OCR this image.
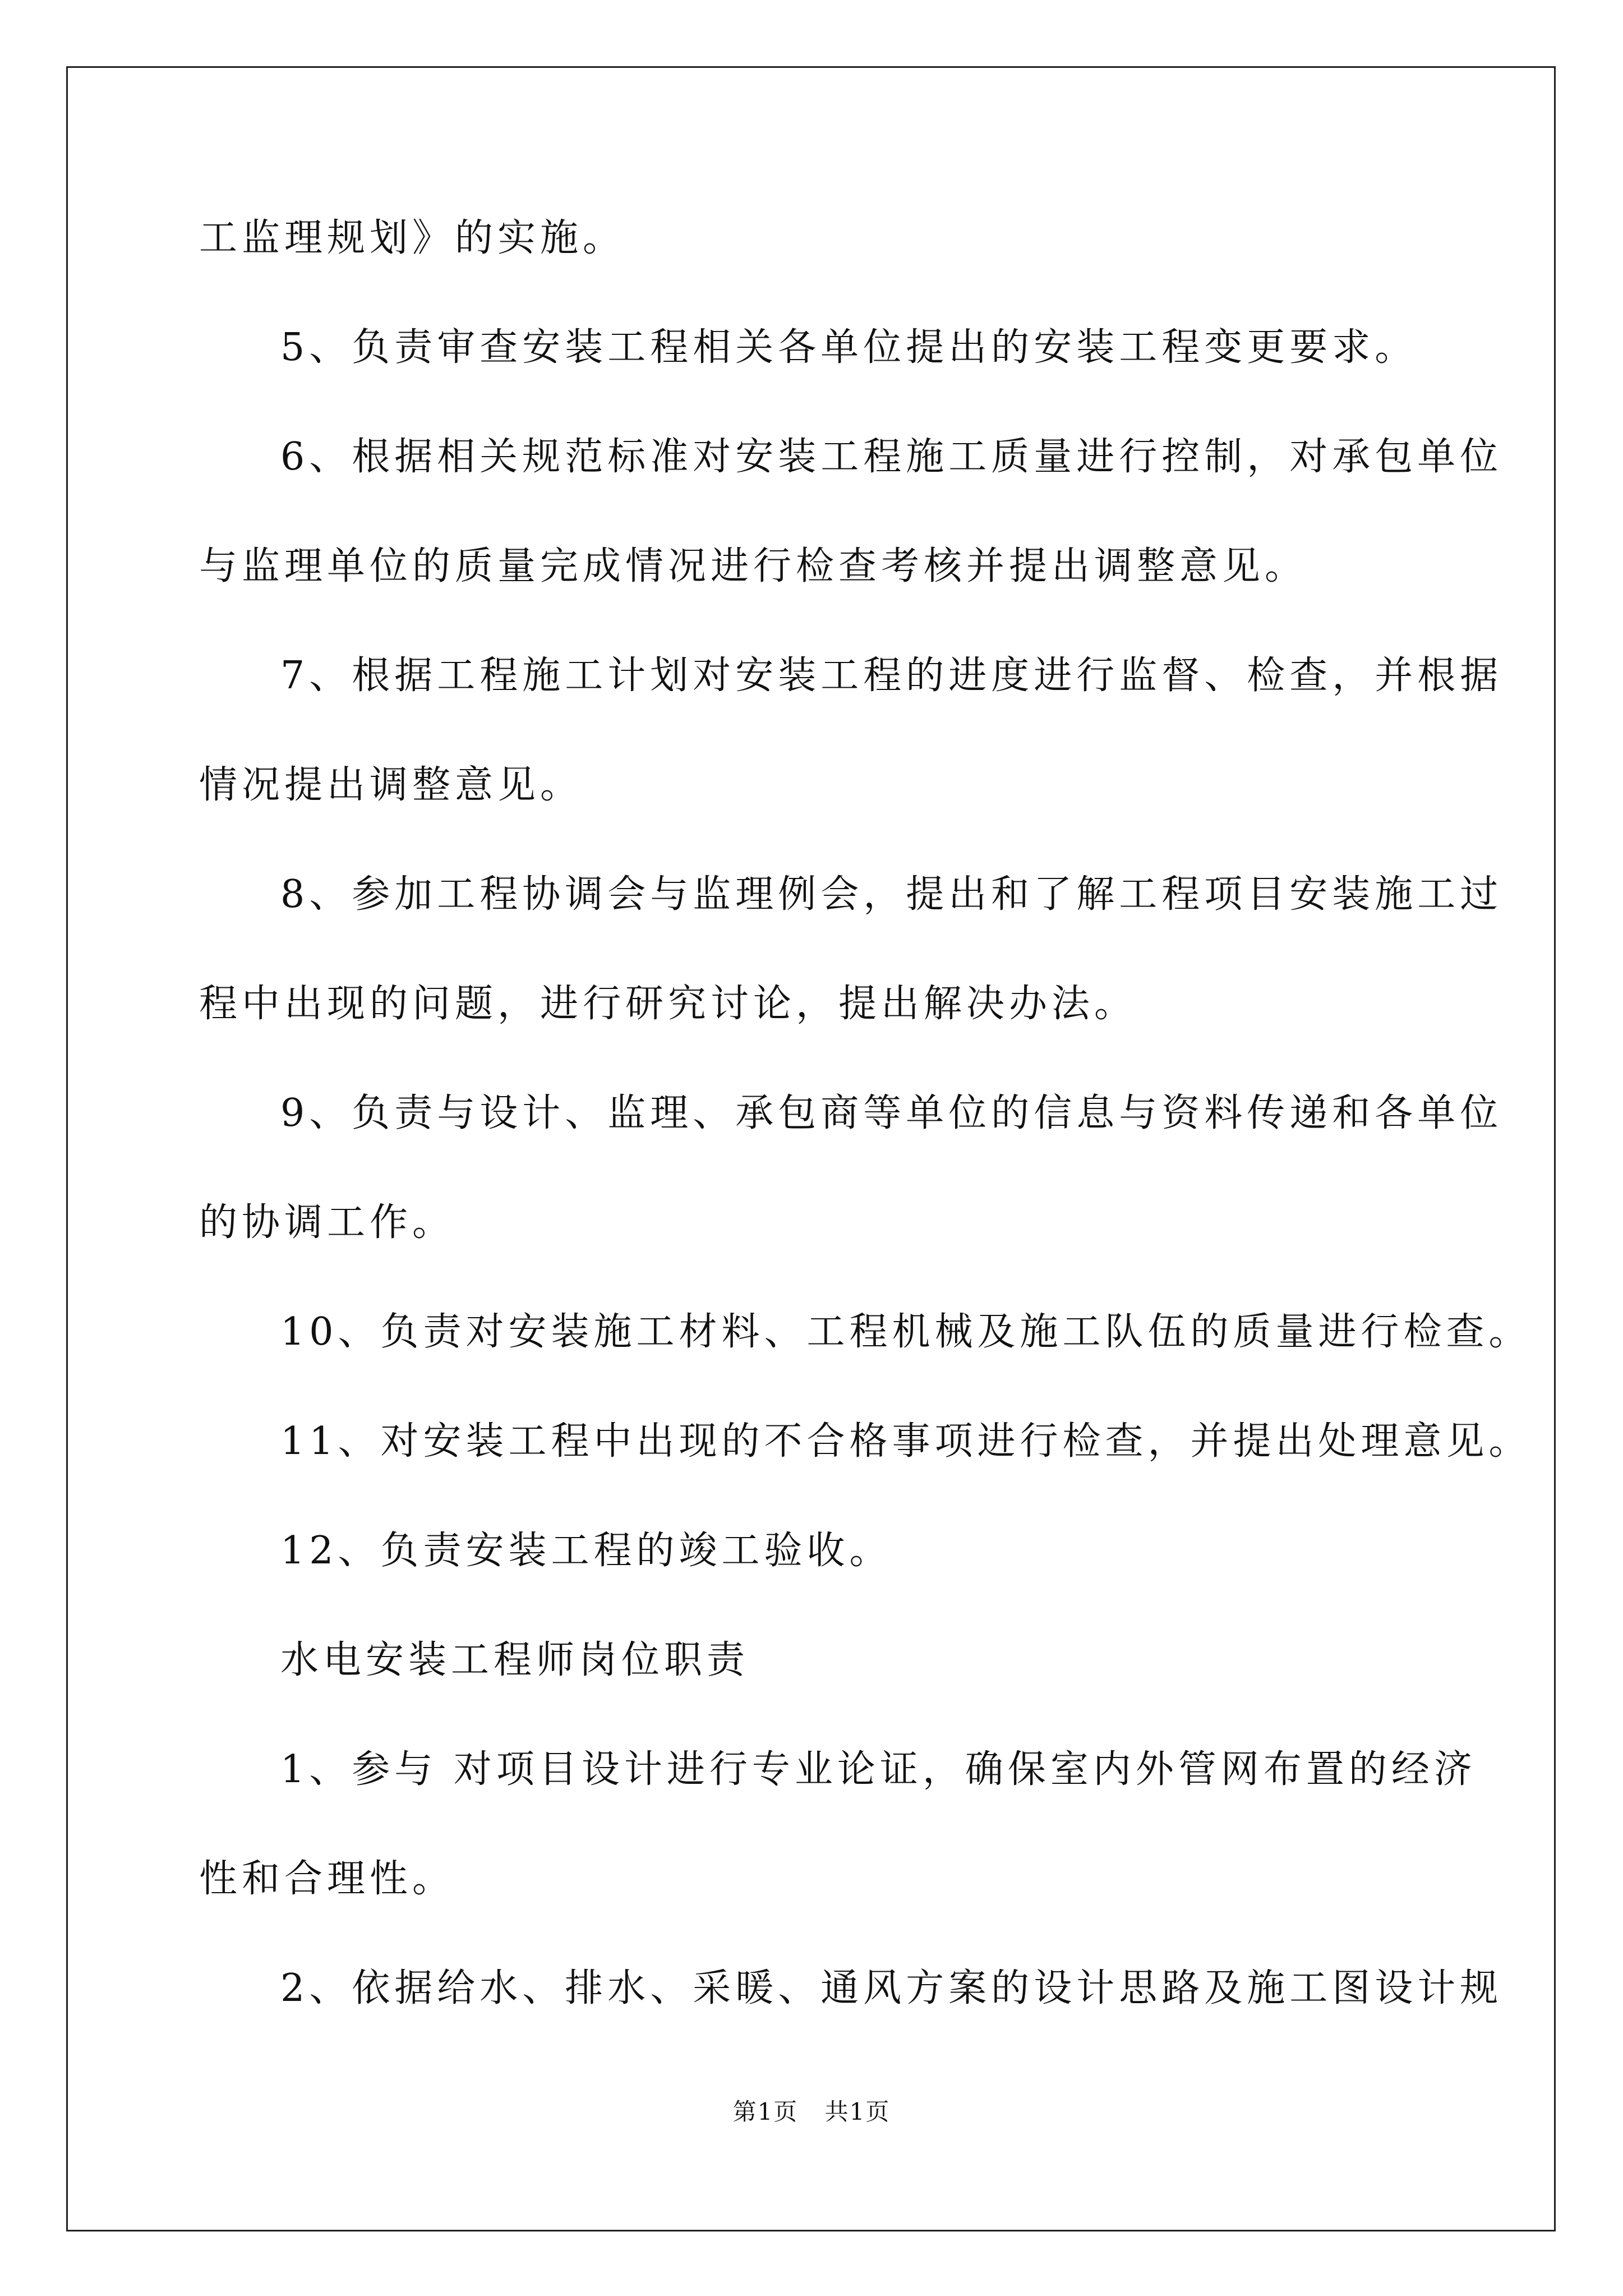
工监理规划》的实施。
5、负责审查安装工程相关各单位提出的安装工程变更要求。
6、根据相关规范标准对安装工程施工质量进行控制，对承包单位
与监理单位的质量完成情况进行检查考核并提出调整意见。
7、根据工程施工计划对安装工程的进度进行监督、检查，并根据
情况提出调整意见。
8、参加工程协调会与监理例会，提出和了解工程项目安装施工过
程中出现的问题，进行研究讨论，提出解决办法。
9、负责与设计、监理、承包商等单位的信息与资料传递和各单位
的协调工作。
10、负责对安装施工材料、工程机械及施工队伍的质量进行检查。
11、对安装工程中出现的不合格事项进行检查，并提出处理意见。
12、负责安装工程的竣工验收。
水电安装工程师岗位职责
1、参与 对项目设计进行专业论证，确保室内外管网布置的经济
性和合理性。
2、依据给水、排水、采暖、通风方案的设计思路及施工图设计规
第1页 共1页
